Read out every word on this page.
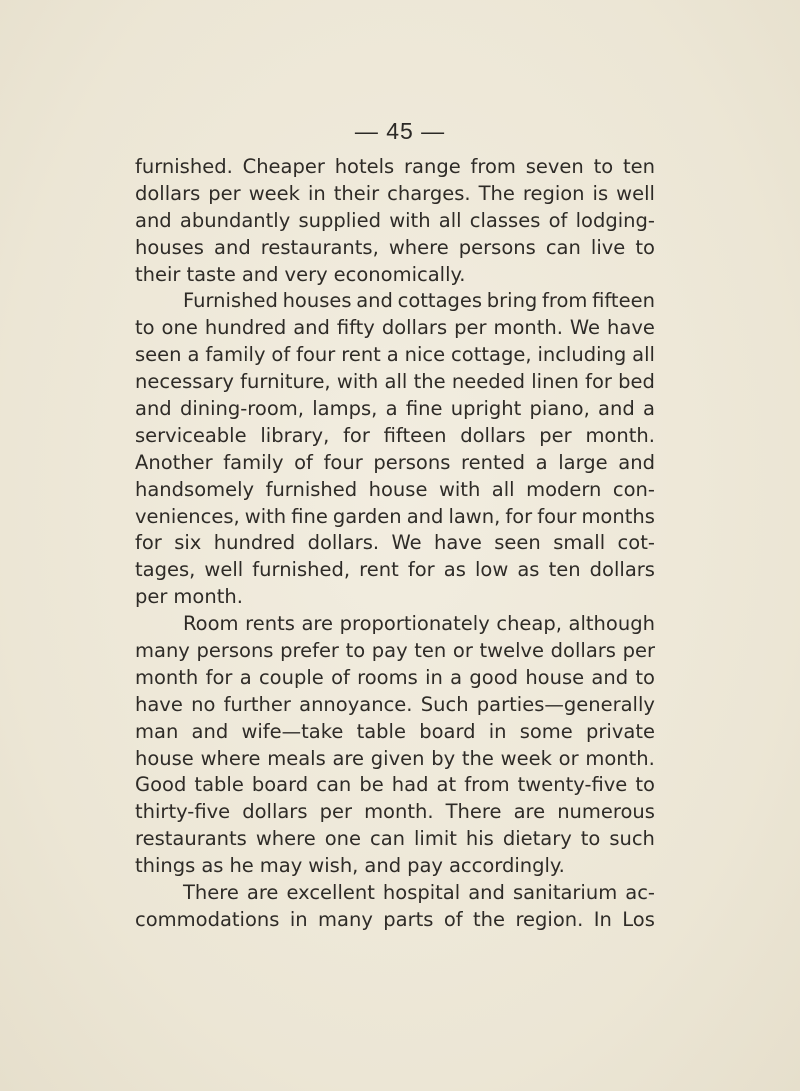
— 45 —
furnished. Cheaper hotels range from seven to ten
dollars per week in their charges. The region is well
and abundantly supplied with all classes of lodging-
houses and restaurants, where persons can live to
their taste and very economically.
Furnished houses and cottages bring from fifteen
to one hundred and fifty dollars per month. We have
seen a family of four rent a nice cottage, including all
necessary furniture, with all the needed linen for bed
and dining-room, lamps, a fine upright piano, and a
serviceable library, for fifteen dollars per month.
Another family of four persons rented a large and
handsomely furnished house with all modern con-
veniences, with fine garden and lawn, for four months
for six hundred dollars. We have seen small cot-
tages, well furnished, rent for as low as ten dollars
per month.
Room rents are proportionately cheap, although
many persons prefer to pay ten or twelve dollars per
month for a couple of rooms in a good house and to
have no further annoyance. Such parties—generally
man and wife—take table board in some private
house where meals are given by the week or month.
Good table board can be had at from twenty-five to
thirty-five dollars per month. There are numerous
restaurants where one can limit his dietary to such
things as he may wish, and pay accordingly.
There are excellent hospital and sanitarium ac-
commodations in many parts of the region. In Los
